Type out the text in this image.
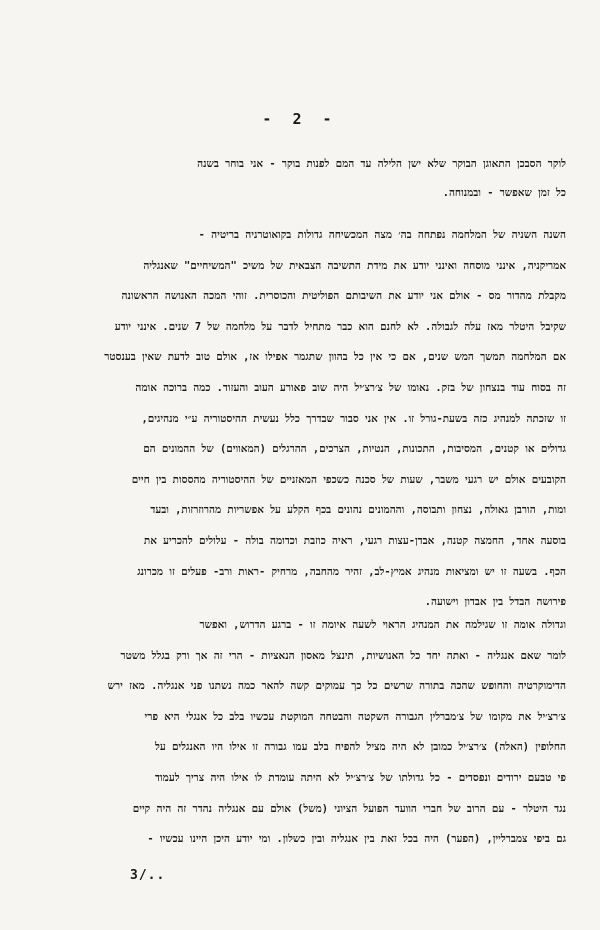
- 2 -
לוקר הסבכן התאוגן הבוקר שלא ישן הלילה עד המם לפנות בוקר - אני בוחר בשנה
כל זמן שאפשר - ובמנוחה.
השנה השניה של המלחמה נפתחה בה׳ מצה המכשיחה גדולות בקואוטרניה בריטיה -
אמריקניה, אינני מוסחה ואינני יודע את מידת התשיבה הצבאית של משיכ "המשיחיים" שאנגליה
מקבלת מהדור מס - אולם אני יודע את השיבותם הפוליטית והכוסרית. זוהי המכה האנושה הראשונה
שקיבל היטלר מאז עלה לגבולה. לא לחנם הוא כבר מתחיל לדבר על מלחמה של 7 שנים. אינני יודע
אם המלחמה תמשך המש שנים, אם כי אין כל בהוון שתגמר אפילו אז, אולם טוב לדעת שאין בענסטר
זה בסוח עוד בנצחון של בזק. נאומו של צ׳רצ׳יל היה שוב פאורע העוב והעזוד. כמה ברוכה אומה
זו שזכתה למנהיג כזה בשעת-גורל זו. אין אני סבור שבדרך כלל נעשית ההיסטוריה ע״י מנהיגים,
גדולים או קטנים, המסיבות, התכונות, הנטיות, הצרכים, ההרגלים (המאווים) של ההמונים הם
הקובעים אולם יש רגעי משבר, שעות של סכנה כשכפי המאזניים של ההיסטוריה מהססות בין חיים
ומות, הורבן גאולה, נצחון ותבוסה, וההמונים נהונים בכף הקלע על אפשריות מהרוזרזות, ובעד
בוסעה אחד, החמצה קטנה, אבדן-עצות רגעי, ראיה כוזבת וכדומה בולה - עלולים להכריע את
הכף. בשעה זו יש ומציאות מנהיג אמיץ-לב, זהיר מהחבה, מרחיק -ראות ורב- פעלים זו מכרונג
פירושה הבדל בין אבדון וישועה.
וגדולה אומה זו שגילמה את המנהיג הראוי לשעה איומה זו - ברגע הדרוש, ואפשר
לומר שאם אנגליה - ואתה יחד כל האנושיות, תינצל מאסון הנאציות - הרי זה אך ורק בגלל משטר
הדימוקרטיה והחופש שהכה בתורה שרשים כל כך עמוקים קשה להאר כמה נשתנו פני אנגליה. מאז ירש
צ׳רצ׳יל את מקומו של צ׳מברלין הגבורה השקטה והבטחה המוקטת עכשיו בלב כל אנגלי היא פרי
החלופין (האלה) צ׳רצ׳יל כמובן לא היה מציל להפיח בלב עמו גבורה זו אילו היו האנגלים על
פי טבעם ירודים ונפסדים - כל גדולתו של צ׳רצ׳יל לא היתה עומדת לו אילו היה צריך לעמוד
נגד היטלר - עם הרוב של חברי הוועד הפועל הציוני (משל) אולם עם אנגליה נהדר זה היה קיים
גם ביפי צמברליין, (הפער) היה בכל זאת בין אנגליה ובין כשלון. ומי יודע היכן היינו עכשיו -
3/..
